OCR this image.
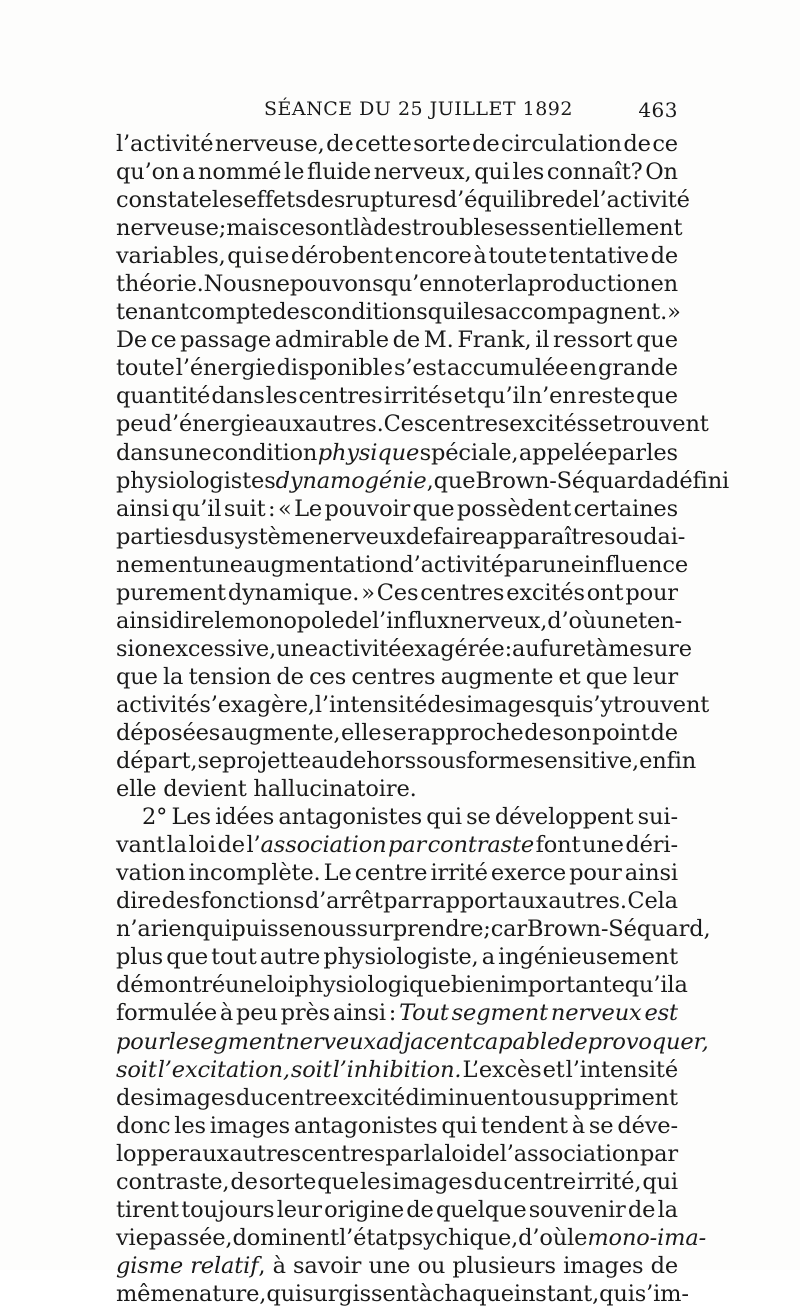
SÉANCE DU 25 JUILLET 1892	463
l’activité nerveuse, de cette sorte de circulation de ce
qu’on a nommé le fluide nerveux, qui les connaît? On
constate les effets des ruptures d’équilibre de l’activité
nerveuse ; mais ce sont là des troubles essentiellement
variables, qui se dérobent encore à toute tentative de
théorie. Nous ne pouvons qu’en noter la production en
tenant compte des conditions qui les accompagnent. »
De ce passage admirable de M. Frank, il ressort que
toute l’énergie disponible s’est accumulée en grande
quantité dans les centres irrités et qu’il n’en reste que
peu d’énergie aux autres. Ces centres excités se trouvent
dans une condition physique spéciale, appelée par les
physiologistes dynamogénie, que Brown-Séquard a défini
ainsi qu’il suit : « Le pouvoir que possèdent certaines
parties du système nerveux de faire apparaître soudai-
nement une augmentation d’activité par une influence
purement dynamique. » Ces centres excités ont pour
ainsi dire le monopole de l’influx nerveux, d’où une ten-
sion excessive, une activité exagérée : au fur et à mesure
que la tension de ces centres augmente et que leur
activité s’exagère, l’intensité des images qui s’y trouvent
déposées augmente, elle se rapproche de son point de
départ, se projette au dehors sous forme sensitive, enfin
elle devient hallucinatoire.
2° Les idées antagonistes qui se développent sui-
vant la loi de l’association par contraste font une déri-
vation incomplète. Le centre irrité exerce pour ainsi
dire des fonctions d’arrêt par rapport aux autres. Cela
n’a rien qui puisse nous surprendre ; car Brown-Séquard,
plus que tout autre physiologiste, a ingénieusement
démontré une loi physiologique bien importante qu’il a
formulée à peu près ainsi : Tout segment nerveux est
pour le segment nerveux adjacent capable de provoquer,
soit l’excitation, soit l’inhibition. L’excès et l’intensité
des images du centre excité diminuent ou suppriment
donc les images antagonistes qui tendent à se déve-
lopper aux autres centres par la loi de l’association par
contraste, de sorte que les images du centre irrité, qui
tirent toujours leur origine de quelque souvenir de la
vie passée, dominent l’état psychique, d’où le mono-ima-
gisme relatif, à savoir une ou plusieurs images de
même nature, qui surgissent à chaque instant, qui s’im-
